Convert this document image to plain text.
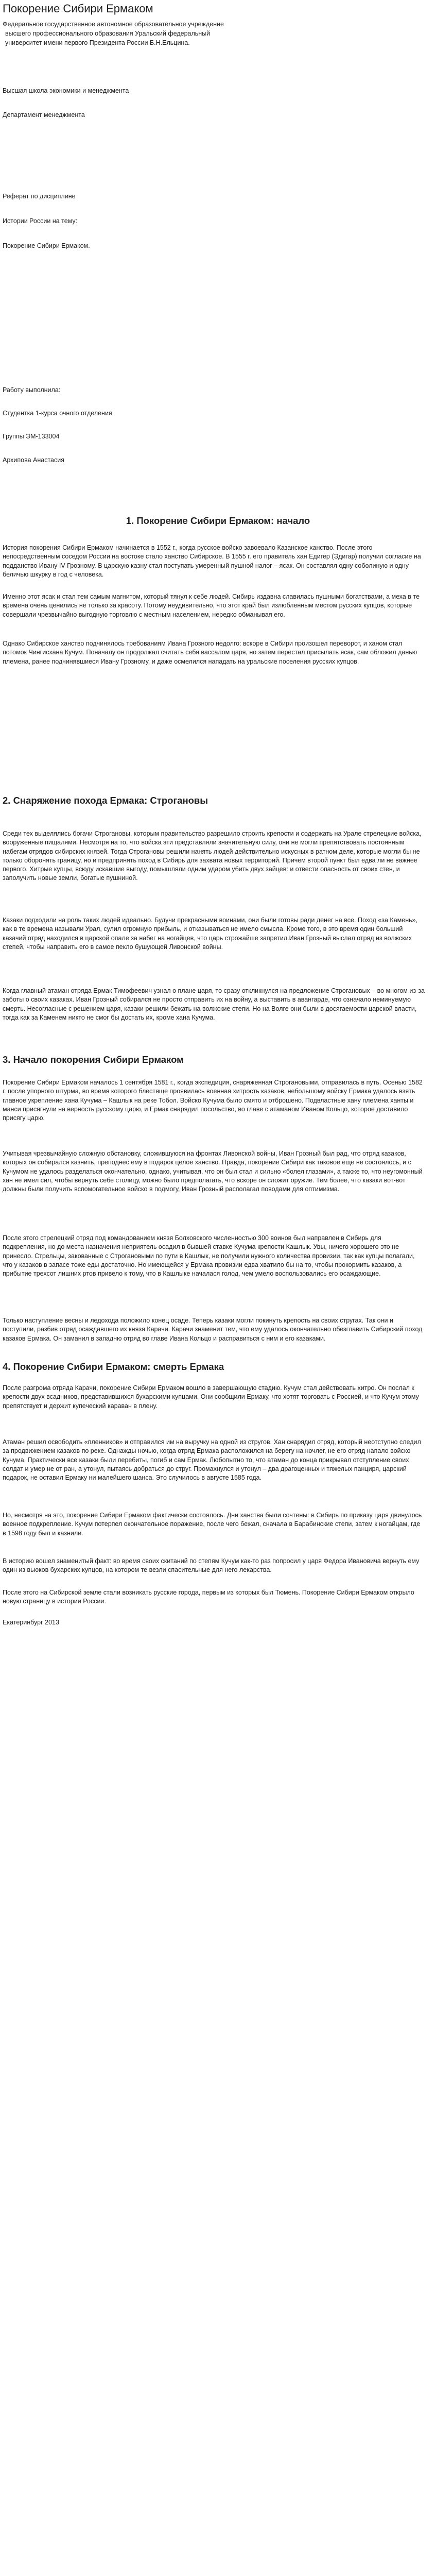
Покорение Сибири Ермаком
Федеральное государственное автономное образовательное учреждение
высшего профессионального образования Уральский федеральный
университет имени первого Президента России Б.Н.Ельцина.
Высшая школа экономики и менеджмента
Департамент менеджмента
Реферат по дисциплине
Истории России на тему:
Покорение Сибири Ермаком.
Работу выполнила:
Студентка 1-курса очного отделения
Группы ЭМ-133004
Архипова Анастасия
1. Покорение Сибири Ермаком: начало

История покорения Сибири Ермаком начинается в 1552 г., когда русское войско завоевало Казанское ханство. После этого непосредственным соседом России на востоке стало ханство Сибирское. В 1555 г. его правитель хан Едигер (Эдигар) получил согласие на подданство Ивану IV Грозному. В царскую казну стал поступать умеренный пушной налог – ясак. Он составлял одну соболиную и одну беличью шкурку в год с человека.

Именно этот ясак и стал тем самым магнитом, который тянул к себе людей. Сибирь издавна славилась пушными богатствами, а меха в те времена очень ценились не только за красоту. Потому неудивительно, что этот край был излюбленным местом русских купцов, которые совершали чрезвычайно выгодную торговлю с местным населением, нередко обманывая его.

Однако Сибирское ханство подчинялось требованиям Ивана Грозного недолго: вскоре в Сибири произошел переворот, и ханом стал потомок Чингисхана Кучум. Поначалу он продолжал считать себя вассалом царя, но затем перестал присылать ясак, сам обложил данью племена, ранее подчинявшиеся Ивану Грозному, и даже осмелился нападать на уральские поселения русских купцов.

2. Снаряжение похода Ермака: Строгановы

Среди тех выделялись богачи Строгановы, которым правительство разрешило строить крепости и содержать на Урале стрелецкие войска, вооруженные пищалями. Несмотря на то, что войска эти представляли значительную силу, они не могли препятствовать постоянным набегам отрядов сибирских князей. Тогда Строгановы решили нанять людей действительно искусных в ратном деле, которые могли бы не только оборонять границу, но и предпринять поход в Сибирь для захвата новых территорий. Причем второй пункт был едва ли не важнее первого. Хитрые купцы, всюду искавшие выгоду, помышляли одним ударом убить двух зайцев: и отвести опасность от своих стен, и заполучить новые земли, богатые пушниной.

Казаки подходили на роль таких людей идеально. Будучи прекрасными воинами, они были готовы ради денег на все. Поход «за Камень», как в те времена называли Урал, сулил огромную прибыль, и отказываться не имело смысла. Кроме того, в это время один больший казачий отряд находился в царской опале за набег на ногайцев, что царь строжайше запретил.Иван Грозный выслал отряд из волжских степей, чтобы направить его в самое пекло бушующей Ливонской войны.

Когда главный атаман отряда Ермак Тимофеевич узнал о плане царя, то сразу откликнулся на предложение Строгановых – во многом из-за заботы о своих казаках. Иван Грозный собирался не просто отправить их на войну, а выставить в авангарде, что означало неминуемую смерть. Несогласные с решением царя, казаки решили бежать на волжские степи. Но на Волге они были в досягаемости царской власти, тогда как за Каменем никто не смог бы достать их, кроме хана Кучума.

3. Начало покорения Сибири Ермаком

Покорение Сибири Ермаком началось 1 сентября 1581 г., когда экспедиция, снаряженная Строгановыми, отправилась в путь. Осенью 1582 г. после упорного штурма, во время которого блестяще проявилась военная хитрость казаков, небольшому войску Ермака удалось взять главное укрепление хана Кучума – Кашлык на реке Тобол. Войско Кучума было смято и отброшено. Подвластные хану племена ханты и манси присягнули на верность русскому царю, и Ермак снарядил посольство, во главе с атаманом Иваном Кольцо, которое доставило присягу царю.

Учитывая чрезвычайную сложную обстановку, сложившуюся на фронтах Ливонской войны, Иван Грозный был рад, что отряд казаков, которых он собирался казнить, преподнес ему в подарок целое ханство. Правда, покорение Сибири как таковое еще не состоялось, и с Кучумом не удалось разделаться окончательно, однако, учитывая, что он был стал и сильно «болел глазами», а также то, что неугомонный хан не имел сил, чтобы вернуть себе столицу, можно было предполагать, что вскоре он сложит оружие. Тем более, что казаки вот-вот должны были получить вспомогательное войско в подмогу, Иван Грозный располагал поводами для оптимизма.

После этого стрелецкий отряд под командованием князя Болховского численностью 300 воинов был направлен в Сибирь для подкрепления, но до места назначения неприятель осадил в бывшей ставке Кучума крепости Кашлык. Увы, ничего хорошего это не принесло. Стрельцы, закованные с Строгановыми по пути в Кашлык, не получили нужного количества провизии, так как купцы полагали, что у казаков в запасе тоже еды достаточно. Но имеющейся у Ермака провизии едва хватило бы на то, чтобы прокормить казаков, а прибытие трехсот лишних ртов привело к тому, что в Кашлыке началася голод, чем умело воспользовались его осаждающие.

Только наступление весны и ледохода положило конец осаде. Теперь казаки могли покинуть крепость на своих стругах. Так они и поступили, разбив отряд осаждавшего их князя Карачи. Карачи знаменит тем, что ему удалось окончательно обезглавить Сибирский поход казаков Ермака. Он заманил в западню отряд во главе Ивана Кольцо и расправиться с ним и его казаками.

4. Покорение Сибири Ермаком: смерть Ермака

После разгрома отряда Карачи, покорение Сибири Ермаком вошло в завершающую стадию. Кучум стал действовать хитро. Он послал к крепости двух всадников, представившихся бухарскими купцами. Они сообщили Ермаку, что хотят торговать с Россией, и что Кучум этому препятствует и держит купеческий караван в плену.

Атаман решил освободить «пленников» и отправился им на выручку на одной из стругов. Хан снарядил отряд, который неотступно следил за продвижением казаков по реке. Однажды ночью, когда отряд Ермака расположился на берегу на ночлег, не его отряд напало войско Кучума. Практически все казаки были перебиты, погиб и сам Ермак. Любопытно то, что атаман до конца прикрывал отступление своих солдат и умер не от ран, а утонул, пытаясь добраться до струг. Промахнулся и утонул – два драгоценных и тяжелых панциря, царский подарок, не оставил Ермаку ни малейшего шанса. Это случилось в августе 1585 года.

Но, несмотря на это, покорение Сибири Ермаком фактически состоялось. Дни ханства были сочтены: в Сибирь по приказу царя двинулось военное подкрепление. Кучум потерпел окончательное поражение, после чего бежал, сначала в Барабинские степи, затем к ногайцам, где в 1598 году был и казнили.

В историю вошел знаменитый факт: во время своих скитаний по степям Кучум как-то раз попросил у царя Федора Ивановича вернуть ему один из вьюков бухарских купцов, на котором те везли спасительные для него лекарства.

После этого на Сибирской земле стали возникать русские города, первым из которых был Тюмень. Покорение Сибири Ермаком открыло новую страницу в истории России.

Екатеринбург 2013
